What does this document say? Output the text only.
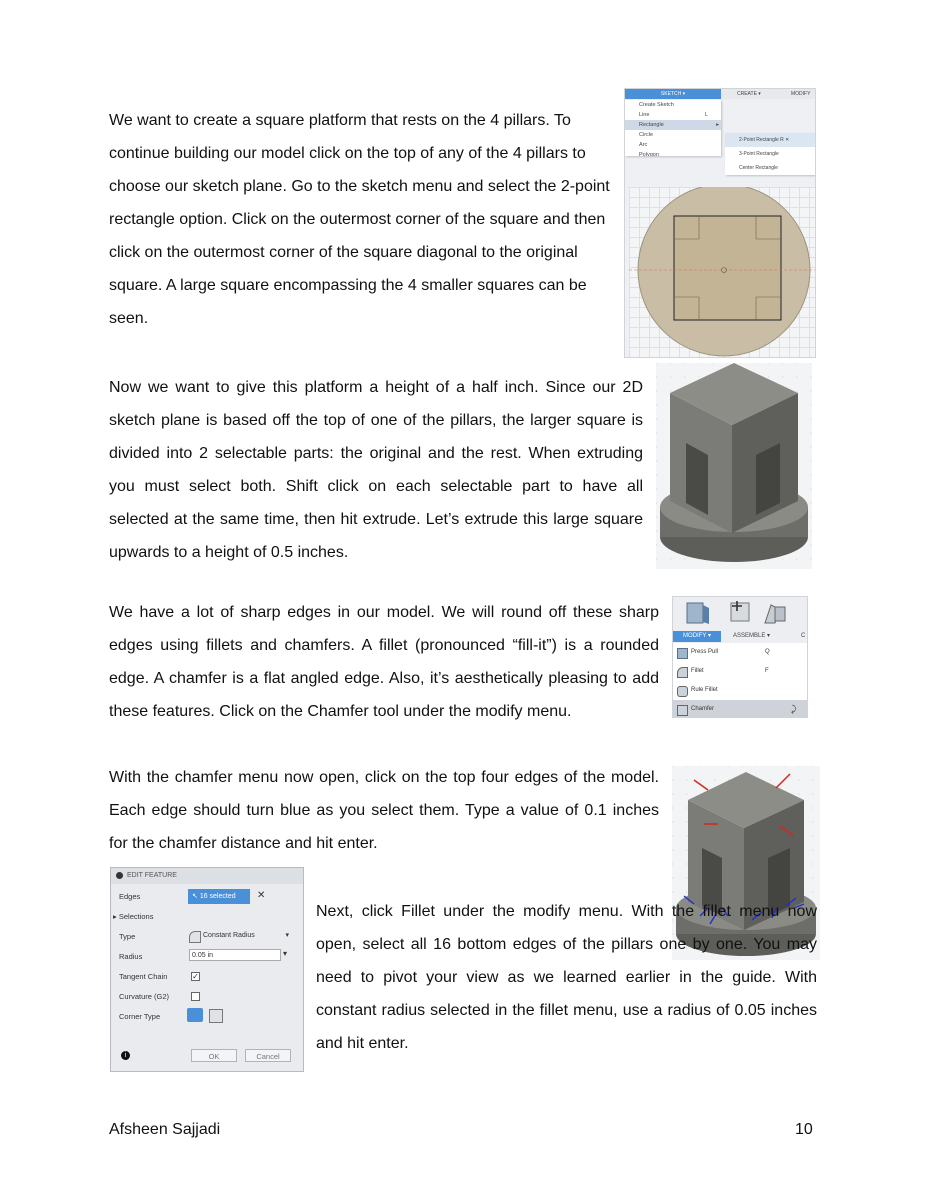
We want to create a square platform that rests on the 4 pillars. To continue building our model click on the top of any of the 4 pillars to choose our sketch plane. Go to the sketch menu and select the 2-point rectangle option. Click on the outermost corner of the square and then click on the outermost corner of the square diagonal to the original square. A large square encompassing the 4 smaller squares can be seen.

SKETCH ▾	CREATE ▾	MODIFY
Create Sketch
Line	L
Rectangle	▸
Circle
Arc
Polygon
2-Point Rectangle R ✕
3-Point Rectangle
Center Rectangle

Now we want to give this platform a height of a half inch. Since our 2D sketch plane is based off the top of one of the pillars, the larger square is divided into 2 selectable parts: the original and the rest. When extruding you must select both. Shift click on each selectable part to have all selected at the same time, then hit extrude. Let’s extrude this large square upwards to a height of 0.5 inches.

We have a lot of sharp edges in our model. We will round off these sharp edges using fillets and chamfers. A fillet (pronounced “fill-it”) is a rounded edge. A chamfer is a flat angled edge. Also, it’s aesthetically pleasing to add these features. Click on the Chamfer tool under the modify menu.

MODIFY ▾	ASSEMBLE ▾	C
Press Pull	Q
Fillet	F
Rule Fillet
Chamfer	⤸

With the chamfer menu now open, click on the top four edges of the model. Each edge should turn blue as you select them. Type a value of 0.1 inches for the chamfer distance and hit enter.

EDIT FEATURE
Edges	↖ 16 selected	✕
▸ Selections
Type	Constant Radius	▾
Radius	0.05 in	▾
Tangent Chain	✓
Curvature (G2)
Corner Type
i	OK	Cancel

Next, click Fillet under the modify menu. With the fillet menu now open, select all 16 bottom edges of the pillars one by one. You may need to pivot your view as we learned earlier in the guide. With constant radius selected in the fillet menu, use a radius of 0.05 inches and hit enter.

Afsheen Sajjadi	10
